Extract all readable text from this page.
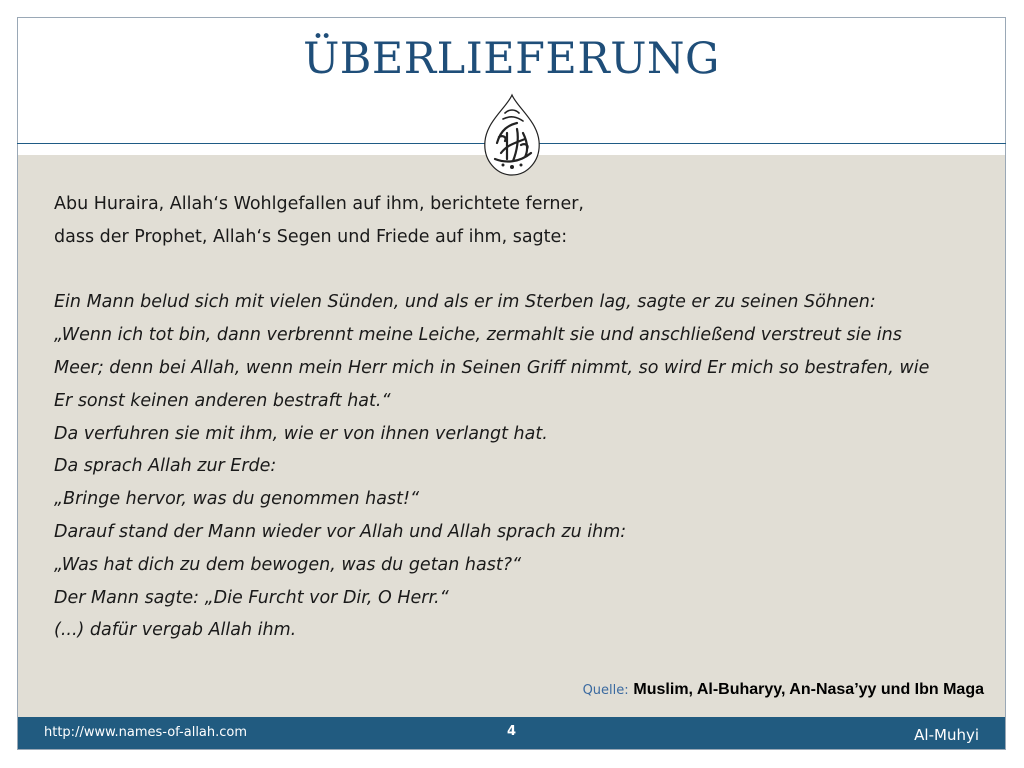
ÜBERLIEFERUNG

Abu Huraira, Allah‘s Wohlgefallen auf ihm, berichtete ferner,

dass der Prophet, Allah‘s Segen und Friede auf ihm, sagte:

Ein Mann belud sich mit vielen Sünden, und als er im Sterben lag, sagte er zu seinen Söhnen:

„Wenn ich tot bin, dann verbrennt meine Leiche, zermahlt sie und anschließend verstreut sie ins

Meer; denn bei Allah, wenn mein Herr mich in Seinen Griff nimmt, so wird Er mich so bestrafen, wie

Er sonst keinen anderen bestraft hat.“

Da verfuhren sie mit ihm, wie er von ihnen verlangt hat.

Da sprach Allah zur Erde:

„Bringe hervor, was du genommen hast!“

Darauf stand der Mann wieder vor Allah und Allah sprach zu ihm:

„Was hat dich zu dem bewogen, was du getan hast?“

Der Mann sagte: „Die Furcht vor Dir, O Herr.“

(...) dafür vergab Allah ihm.

Quelle: Muslim, Al-Buharyy, An-Nasa’yy und Ibn Maga
http://www.names-of-allah.com	4	Al-Muhyi
